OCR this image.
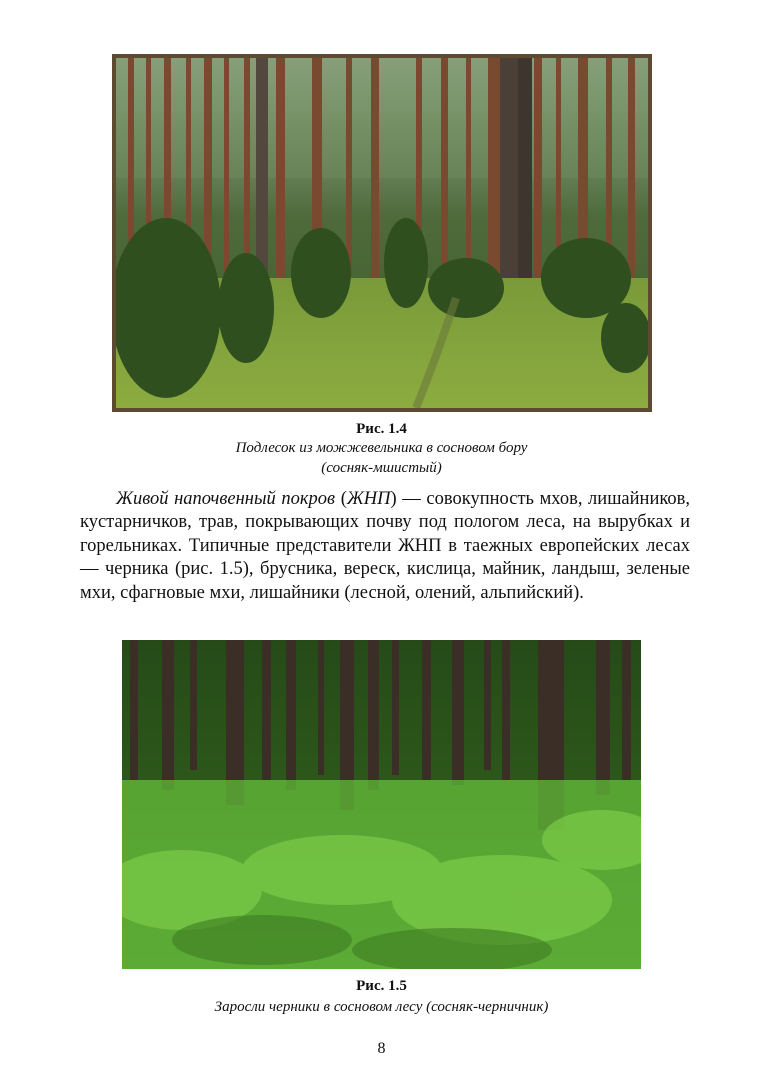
Рис. 1.4
Подлесок из можжевельника в сосновом бору
(сосняк-мшистый)

Живой напочвенный покров (ЖНП) — совокупность мхов, лишайников, кустарничков, трав, покрывающих почву под пологом леса, на вырубках и горельниках. Типичные представители ЖНП в таежных европейских лесах — черника (рис. 1.5), брусника, вереск, кислица, майник, ландыш, зеленые мхи, сфагновые мхи, лишайники (лесной, олений, альпийский).

Рис. 1.5
Заросли черники в сосновом лесу (сосняк-черничник)
8
